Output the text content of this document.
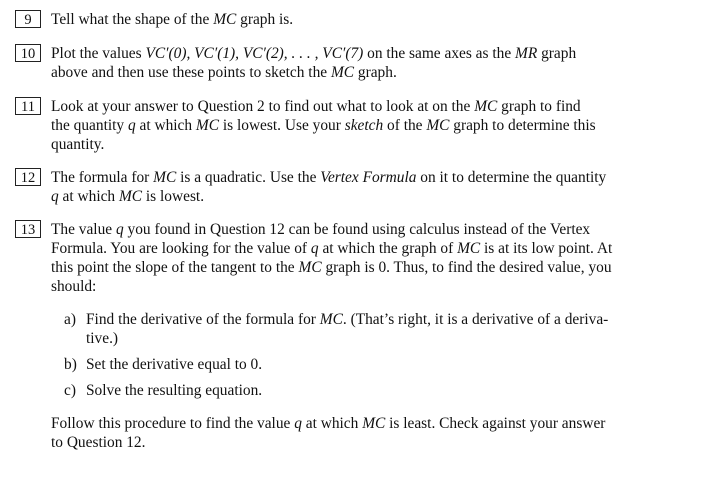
9	Tell what the shape of the MC graph is.
10	Plot the values VC′(0), VC′(1), VC′(2), . . . , VC′(7) on the same axes as the MR graph
above and then use these points to sketch the MC graph.
11	Look at your answer to Question 2 to find out what to look at on the MC graph to find
the quantity q at which MC is lowest. Use your sketch of the MC graph to determine this
quantity.
12	The formula for MC is a quadratic. Use the Vertex Formula on it to determine the quantity
q at which MC is lowest.
13	The value q you found in Question 12 can be found using calculus instead of the Vertex
Formula. You are looking for the value of q at which the graph of MC is at its low point. At
this point the slope of the tangent to the MC graph is 0. Thus, to find the desired value, you
should:
a) Find the derivative of the formula for MC. (That’s right, it is a derivative of a deriva-
tive.)
b) Set the derivative equal to 0.
c) Solve the resulting equation.
Follow this procedure to find the value q at which MC is least. Check against your answer
to Question 12.
